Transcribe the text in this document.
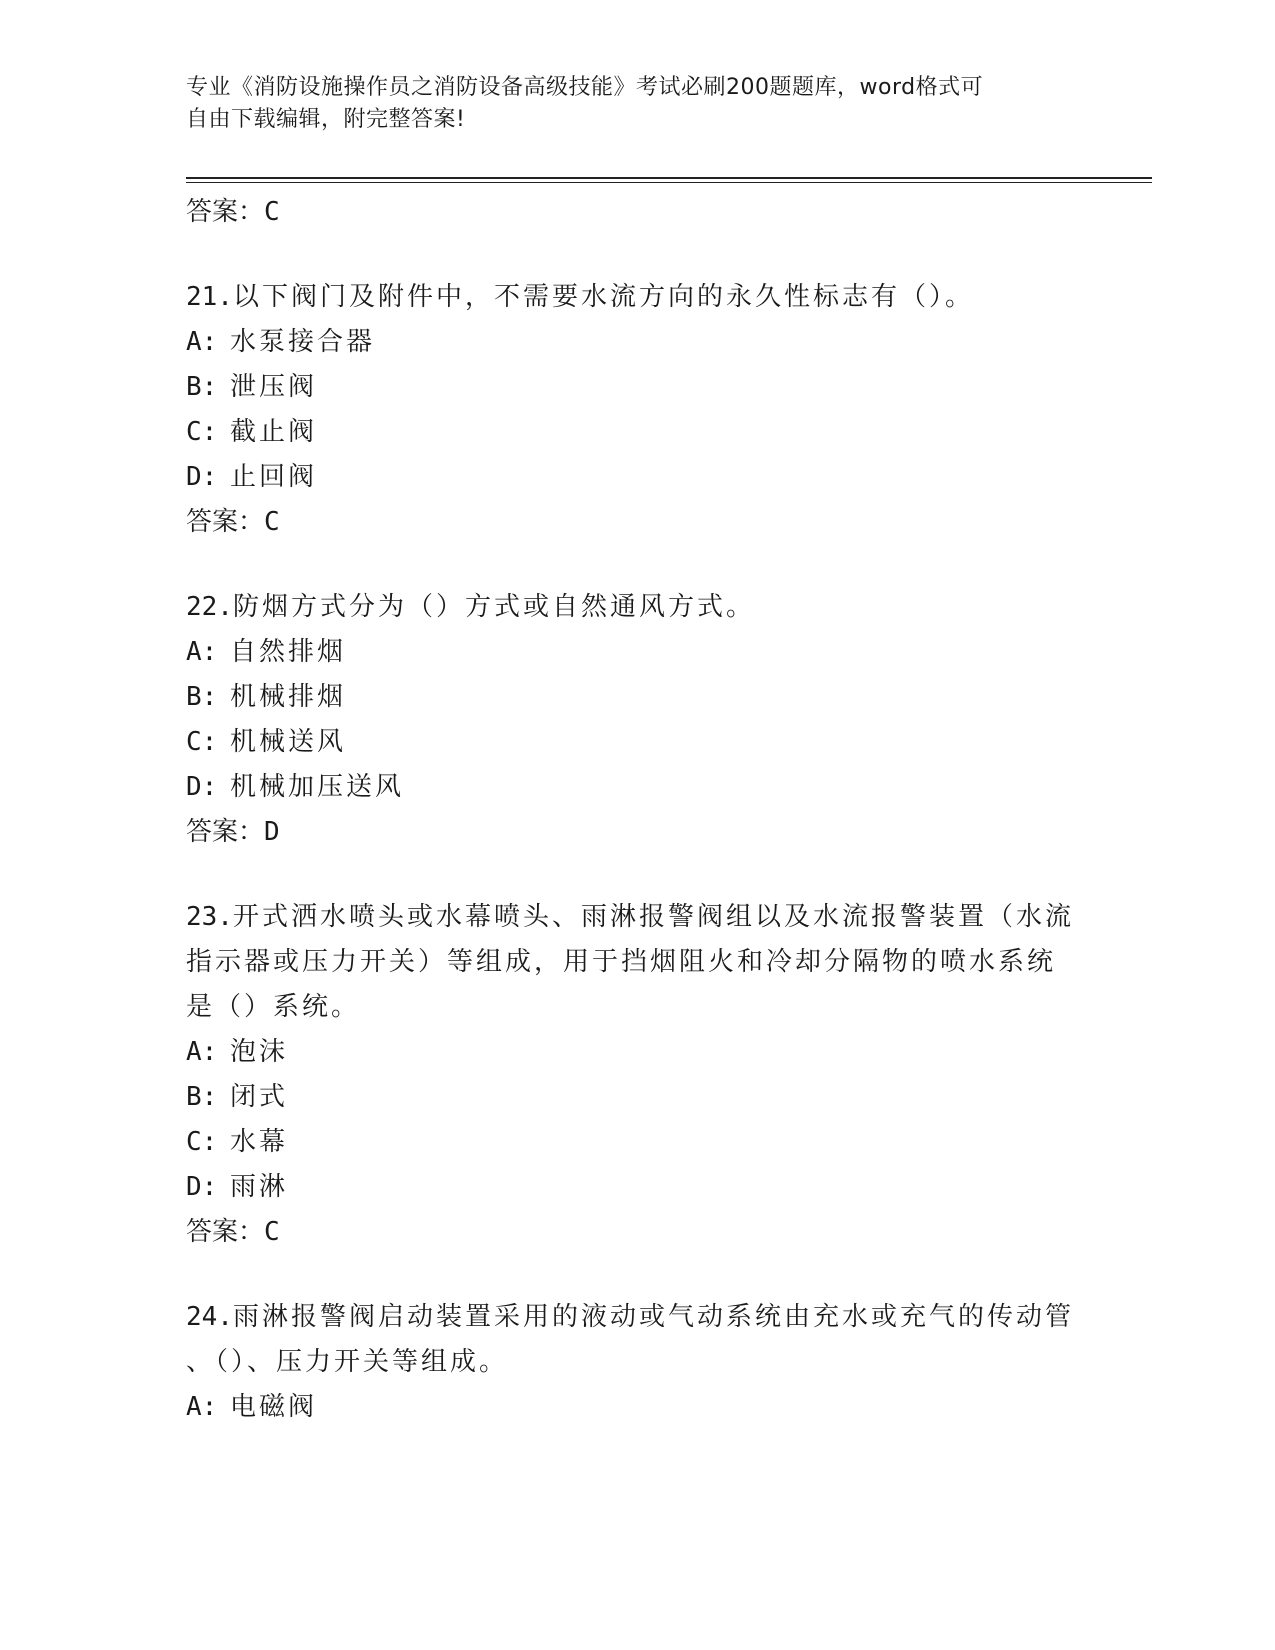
专业《消防设施操作员之消防设备高级技能》考试必刷200题题库，word格式可
自由下载编辑，附完整答案!
答案：C
21.以下阀门及附件中，不需要水流方向的永久性标志有（）。
A: 水泵接合器
B: 泄压阀
C: 截止阀
D: 止回阀
答案：C
22.防烟方式分为（）方式或自然通风方式。
A: 自然排烟
B: 机械排烟
C: 机械送风
D: 机械加压送风
答案：D
23.开式洒水喷头或水幕喷头、雨淋报警阀组以及水流报警装置（水流
指示器或压力开关）等组成，用于挡烟阻火和冷却分隔物的喷水系统
是（）系统。
A: 泡沫
B: 闭式
C: 水幕
D: 雨淋
答案：C
24.雨淋报警阀启动装置采用的液动或气动系统由充水或充气的传动管
、（）、压力开关等组成。
A: 电磁阀
